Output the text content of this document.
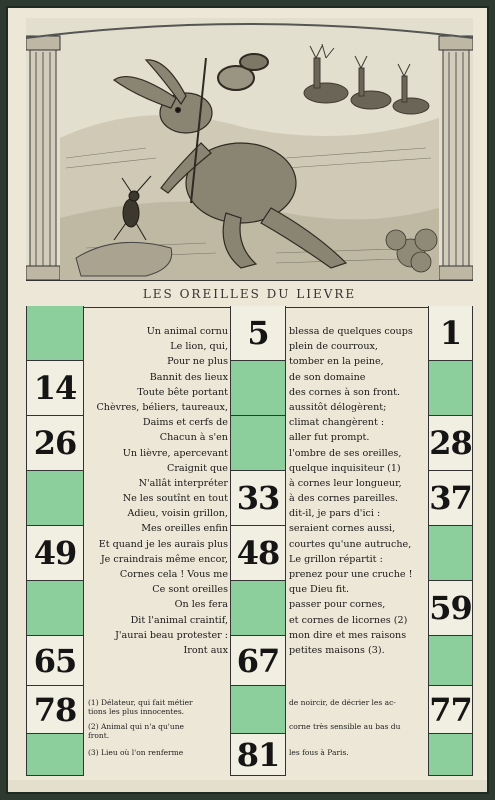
LES OREILLES DU LIEVRE
14
26
49
65
78
5
33
48
67
81
1
28
37
59
77
Un animal cornu
Le lion, qui,
Pour ne plus
Bannit des lieux
Toute bête portant
Chèvres, béliers, taureaux,
Daims et cerfs de
Chacun à s'en
Un lièvre, apercevant
Craignit que
N'allât interpréter
Ne les soutînt en tout
Adieu, voisin grillon,
Mes oreilles enfin
Et quand je les aurais plus
Je craindrais même encor,
Cornes cela ! Vous me
Ce sont oreilles
On les fera
Dit l'animal craintif,
J'aurai beau protester :
Iront aux
blessa de quelques coups
plein de courroux,
tomber en la peine,
de son domaine
des cornes à son front.
aussitôt délogèrent;
climat changèrent :
aller fut prompt.
l'ombre de ses oreilles,
quelque inquisiteur (1)
à cornes leur longueur,
à des cornes pareilles.
dit-il, je pars d'ici :
seraient cornes aussi,
courtes qu'une autruche,
Le grillon répartit :
prenez pour une cruche !
que Dieu fit.
passer pour cornes,
et cornes de licornes (2)
mon dire et mes raisons
petites maisons (3).
(1) Délateur, qui fait métier
tions les plus innocentes.
(2) Animal qui n'a qu'une
front.
(3) Lieu où l'on renferme
de noircir, de décrier les ac-
corne très sensible au bas du
les fous à Paris.
